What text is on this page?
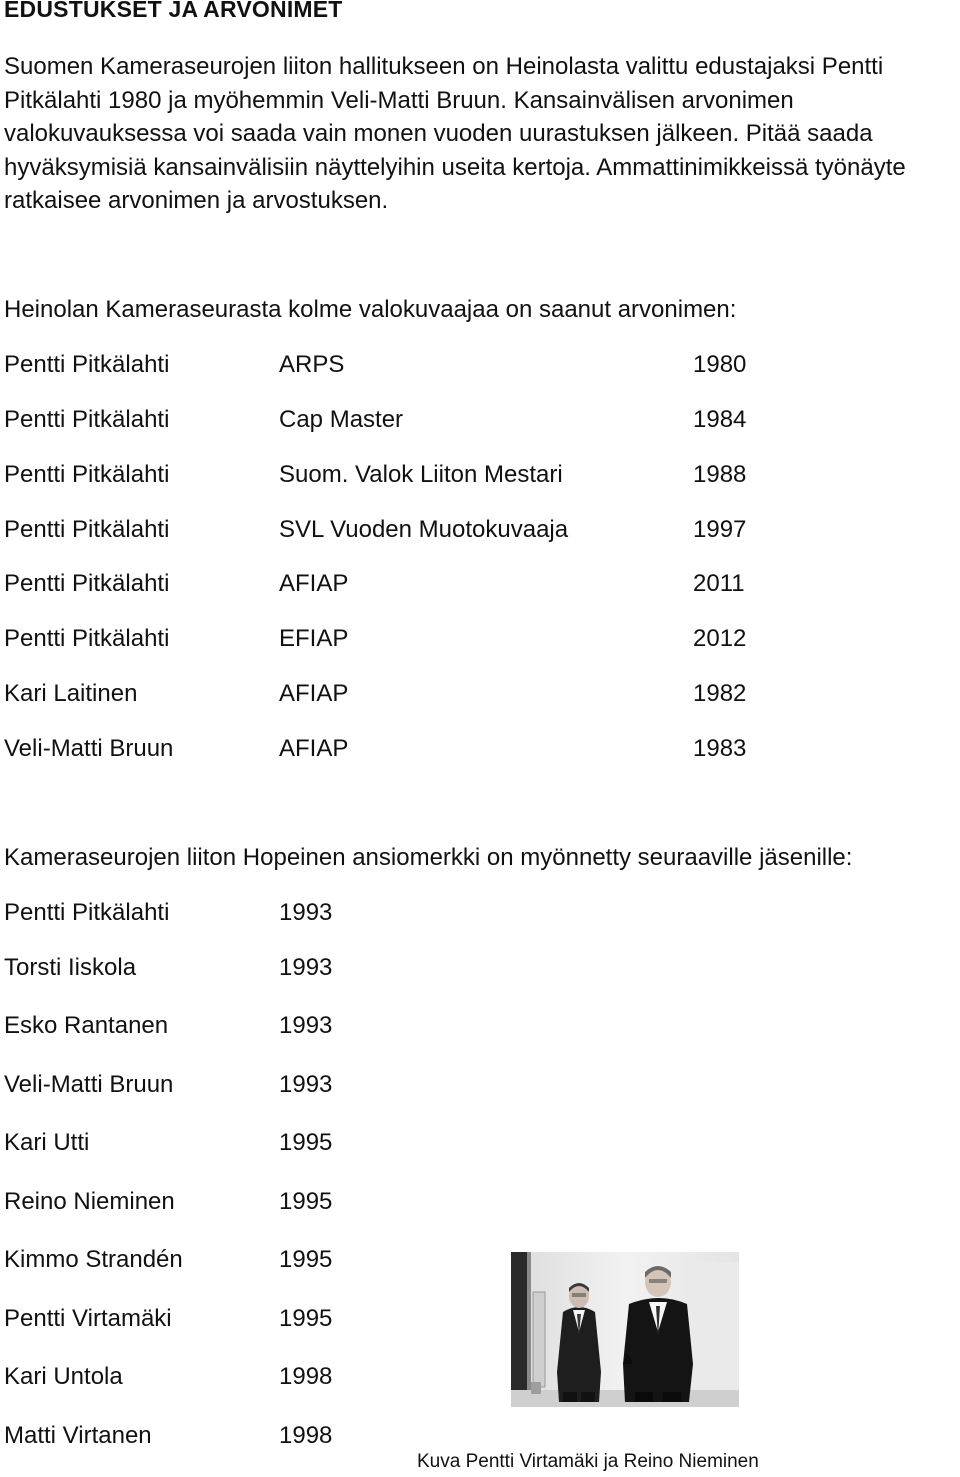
EDUSTUKSET JA ARVONIMET

Suomen Kameraseurojen liiton hallitukseen on Heinolasta valittu edustajaksi Pentti
Pitkälahti 1980 ja myöhemmin Veli-Matti Bruun. Kansainvälisen arvonimen
valokuvauksessa voi saada vain monen vuoden uurastuksen jälkeen. Pitää saada
hyväksymisiä kansainvälisiin näyttelyihin useita kertoja. Ammattinimikkeissä työnäyte
ratkaisee arvonimen ja arvostuksen.

Heinolan Kameraseurasta kolme valokuvaajaa on saanut arvonimen:

Pentti Pitkälahti	ARPS	1980
Pentti Pitkälahti	Cap Master	1984
Pentti Pitkälahti	Suom. Valok Liiton Mestari	1988
Pentti Pitkälahti	SVL Vuoden Muotokuvaaja	1997
Pentti Pitkälahti	AFIAP	2011
Pentti Pitkälahti	EFIAP	2012
Kari Laitinen	AFIAP	1982
Veli-Matti Bruun	AFIAP	1983

Kameraseurojen liiton Hopeinen ansiomerkki on myönnetty seuraaville jäsenille:

Pentti Pitkälahti	1993
Torsti Iiskola	1993
Esko Rantanen	1993
Veli-Matti Bruun	1993
Kari Utti	1995
Reino Nieminen	1995
Kimmo Strandén	1995
Pentti Virtamäki	1995
Kari Untola	1998
Matti Virtanen	1998
Kuva Pentti Virtamäki ja Reino Nieminen
